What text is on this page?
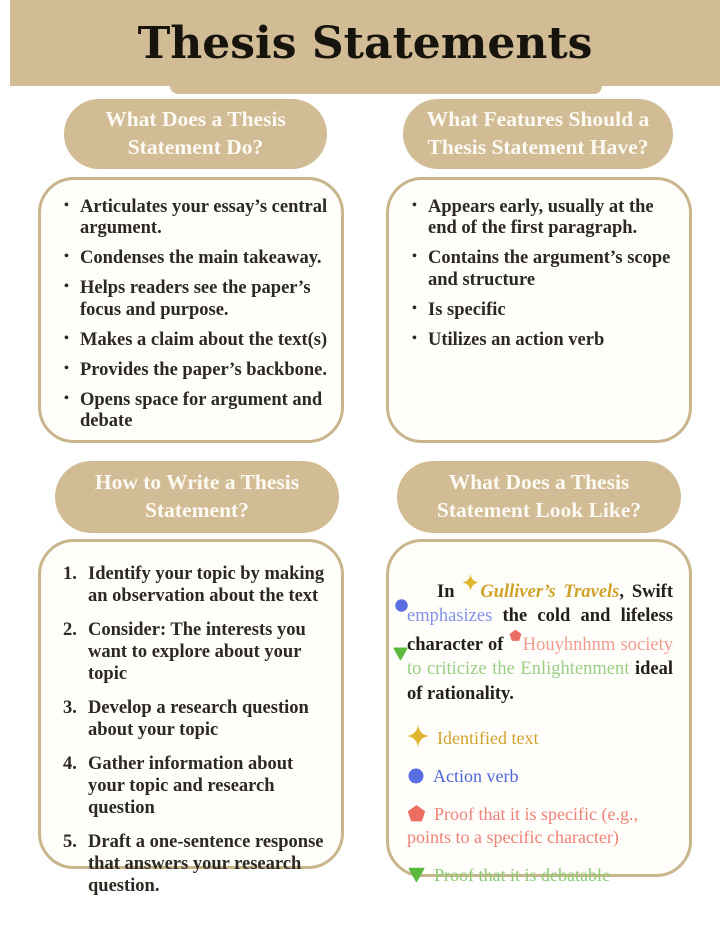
Thesis Statements
What Does a Thesis Statement Do?
What Features Should a Thesis Statement Have?
How to Write a Thesis Statement?
What Does a Thesis Statement Look Like?
• Articulates your essay’s central argument.
• Condenses the main takeaway.
• Helps readers see the paper’s focus and purpose.
• Makes a claim about the text(s)
• Provides the paper’s backbone.
• Opens space for argument and debate
• Appears early, usually at the end of the first paragraph.
• Contains the argument’s scope and structure
• Is specific
• Utilizes an action verb
Identify your topic by making an observation about the text
Consider: The interests you want to explore about your topic
Develop a research question about your topic
Gather information about your topic and research question
Draft a one-sentence response that answers your research question.

In Gulliver’s Travels, Swift emphasizes the cold and lifeless character of Houyhnhnm society to criticize the Enlightenment ideal of rationality.

Identified text
Action verb
Proof that it is specific (e.g., points to a specific character)
Proof that it is debatable
